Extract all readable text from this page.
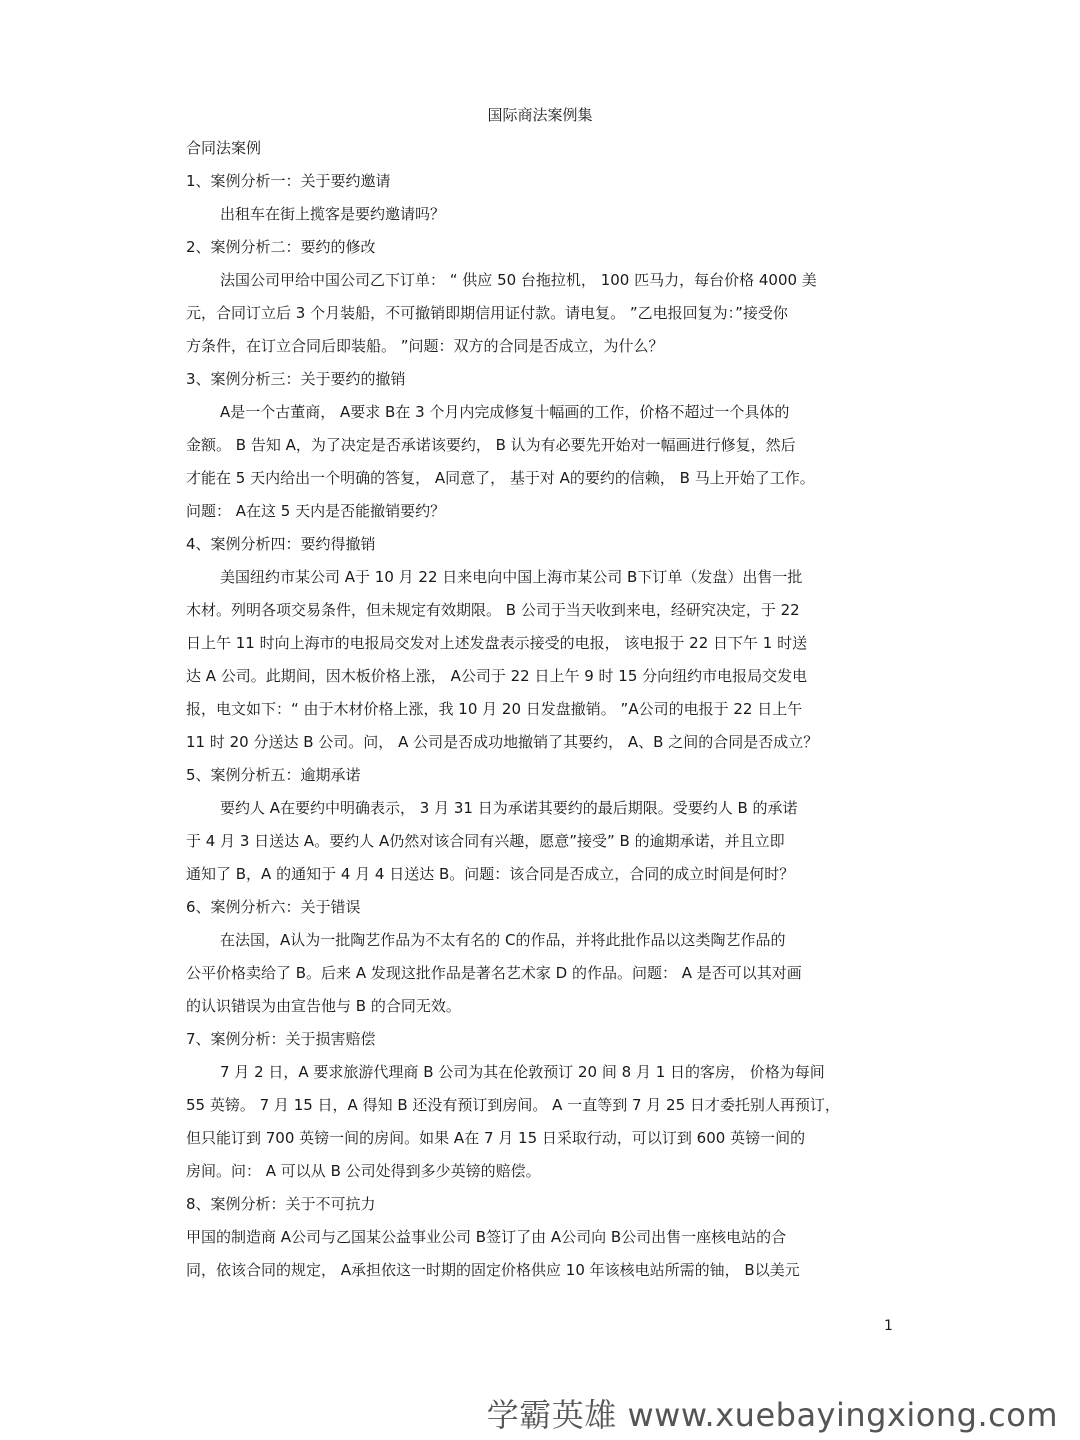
国际商法案例集

合同法案例

1、案例分析一：关于要约邀请

出租车在街上揽客是要约邀请吗？

2、案例分析二：要约的修改

法国公司甲给中国公司乙下订单： “ 供应 50 台拖拉机， 100 匹马力，每台价格 4000 美

元，合同订立后 3 个月装船，不可撤销即期信用证付款。请电复。 ”乙电报回复为：”接受你

方条件，在订立合同后即装船。 ”问题：双方的合同是否成立，为什么？

3、案例分析三：关于要约的撤销

A是一个古董商， A要求 B在 3 个月内完成修复十幅画的工作，价格不超过一个具体的

金额。 B 告知 A，为了决定是否承诺该要约， B 认为有必要先开始对一幅画进行修复，然后

才能在 5 天内给出一个明确的答复， A同意了， 基于对 A的要约的信赖， B 马上开始了工作。

问题： A在这 5 天内是否能撤销要约？

4、案例分析四：要约得撤销

美国纽约市某公司 A于 10 月 22 日来电向中国上海市某公司 B下订单（发盘）出售一批

木材。列明各项交易条件，但未规定有效期限。 B 公司于当天收到来电，经研究决定，于 22

日上午 11 时向上海市的电报局交发对上述发盘表示接受的电报， 该电报于 22 日下午 1 时送

达 A 公司。此期间，因木板价格上涨， A公司于 22 日上午 9 时 15 分向纽约市电报局交发电

报，电文如下：“ 由于木材价格上涨，我 10 月 20 日发盘撤销。 ”A公司的电报于 22 日上午

11 时 20 分送达 B 公司。问， A 公司是否成功地撤销了其要约， A、B 之间的合同是否成立？

5、案例分析五：逾期承诺

要约人 A在要约中明确表示， 3 月 31 日为承诺其要约的最后期限。受要约人 B 的承诺

于 4 月 3 日送达 A。要约人 A仍然对该合同有兴趣，愿意”接受” B 的逾期承诺，并且立即

通知了 B，A 的通知于 4 月 4 日送达 B。问题：该合同是否成立，合同的成立时间是何时？

6、案例分析六：关于错误

在法国，A认为一批陶艺作品为不太有名的 C的作品，并将此批作品以这类陶艺作品的

公平价格卖给了 B。后来 A 发现这批作品是著名艺术家 D 的作品。问题： A 是否可以其对画

的认识错误为由宣告他与 B 的合同无效。

7、案例分析：关于损害赔偿

7 月 2 日，A 要求旅游代理商 B 公司为其在伦敦预订 20 间 8 月 1 日的客房， 价格为每间

55 英镑。 7 月 15 日，A 得知 B 还没有预订到房间。 A 一直等到 7 月 25 日才委托别人再预订，

但只能订到 700 英镑一间的房间。如果 A在 7 月 15 日采取行动，可以订到 600 英镑一间的

房间。问： A 可以从 B 公司处得到多少英镑的赔偿。

8、案例分析：关于不可抗力

甲国的制造商 A公司与乙国某公益事业公司 B签订了由 A公司向 B公司出售一座核电站的合

同，依该合同的规定， A承担依这一时期的固定价格供应 10 年该核电站所需的铀， B以美元

1
学霸英雄 www.xuebayingxiong.com
